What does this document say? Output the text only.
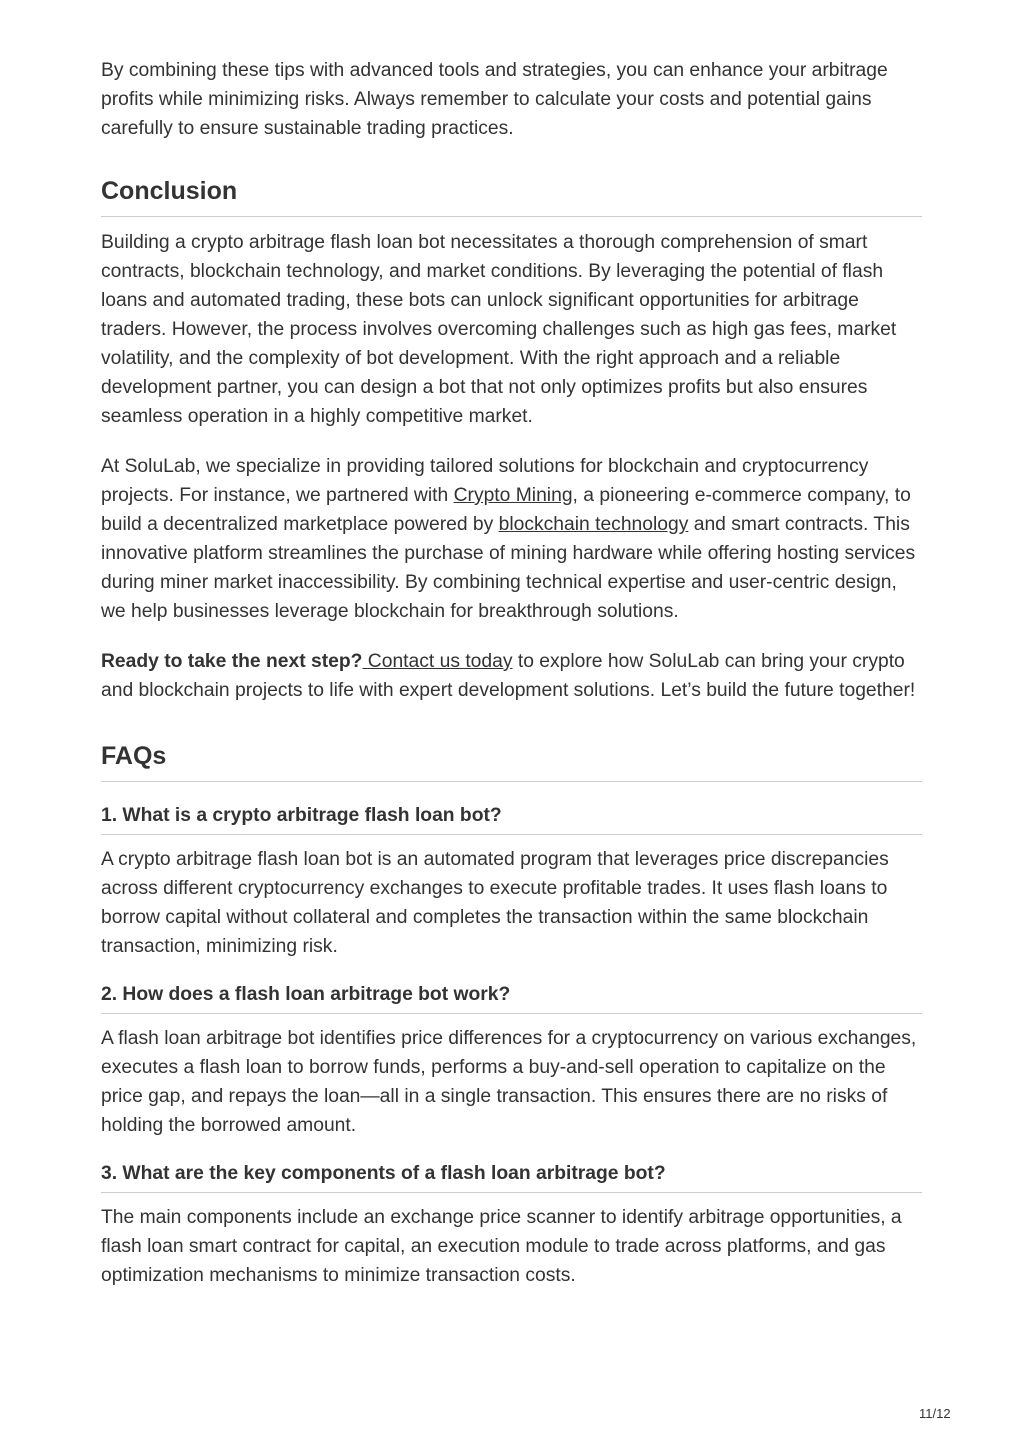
By combining these tips with advanced tools and strategies, you can enhance your arbitrage profits while minimizing risks. Always remember to calculate your costs and potential gains carefully to ensure sustainable trading practices.

Conclusion

Building a crypto arbitrage flash loan bot necessitates a thorough comprehension of smart contracts, blockchain technology, and market conditions. By leveraging the potential of flash loans and automated trading, these bots can unlock significant opportunities for arbitrage traders. However, the process involves overcoming challenges such as high gas fees, market volatility, and the complexity of bot development. With the right approach and a reliable development partner, you can design a bot that not only optimizes profits but also ensures seamless operation in a highly competitive market.

At SoluLab, we specialize in providing tailored solutions for blockchain and cryptocurrency projects. For instance, we partnered with Crypto Mining, a pioneering e-commerce company, to build a decentralized marketplace powered by blockchain technology and smart contracts. This innovative platform streamlines the purchase of mining hardware while offering hosting services during miner market inaccessibility. By combining technical expertise and user-centric design, we help businesses leverage blockchain for breakthrough solutions.

Ready to take the next step? Contact us today to explore how SoluLab can bring your crypto and blockchain projects to life with expert development solutions. Let’s build the future together!

FAQs
1. What is a crypto arbitrage flash loan bot?

A crypto arbitrage flash loan bot is an automated program that leverages price discrepancies across different cryptocurrency exchanges to execute profitable trades. It uses flash loans to borrow capital without collateral and completes the transaction within the same blockchain transaction, minimizing risk.

2. How does a flash loan arbitrage bot work?

A flash loan arbitrage bot identifies price differences for a cryptocurrency on various exchanges, executes a flash loan to borrow funds, performs a buy-and-sell operation to capitalize on the price gap, and repays the loan—all in a single transaction. This ensures there are no risks of holding the borrowed amount.

3. What are the key components of a flash loan arbitrage bot?

The main components include an exchange price scanner to identify arbitrage opportunities, a flash loan smart contract for capital, an execution module to trade across platforms, and gas optimization mechanisms to minimize transaction costs.

11/12
